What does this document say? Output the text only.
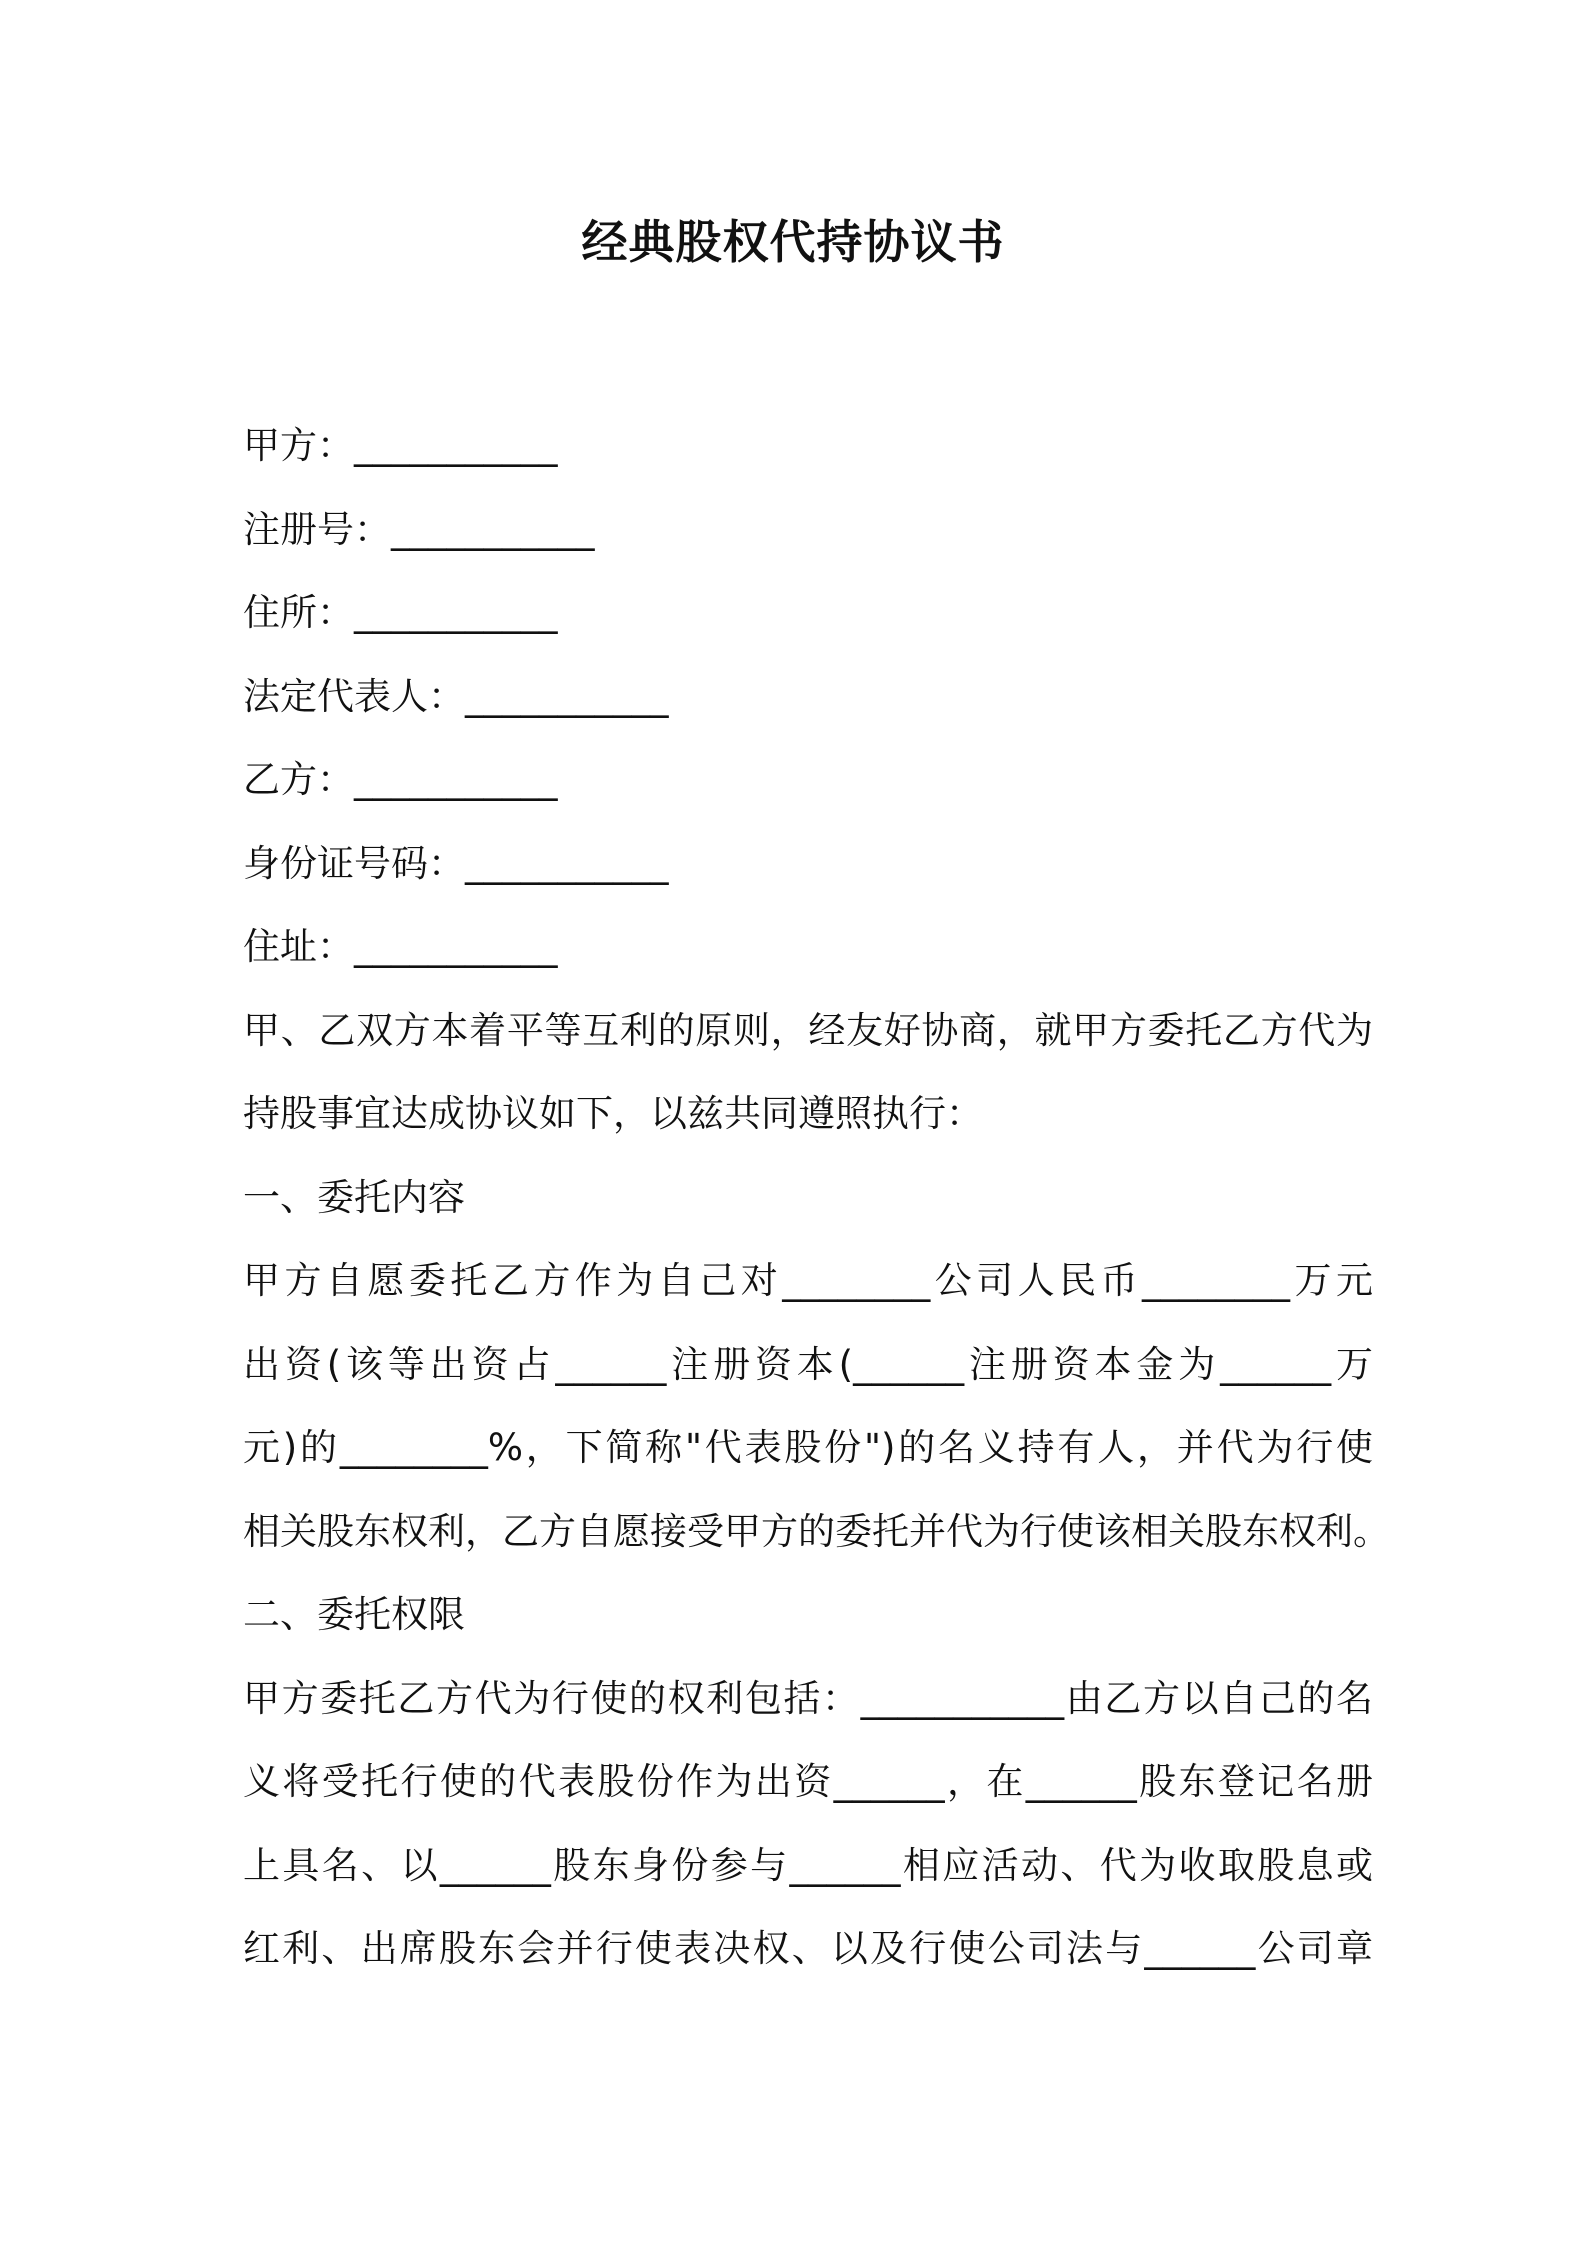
经典股权代持协议书
甲方：___________
注册号：___________
住所：___________
法定代表人：___________
乙方：___________
身份证号码：___________
住址：___________
甲、乙双方本着平等互利的原则，经友好协商，就甲方委托乙方代为
持股事宜达成协议如下，以兹共同遵照执行：
一、委托内容
甲方自愿委托乙方作为自己对________公司人民币________万元
出资(该等出资占______注册资本(______注册资本金为______万
元)的________%，下简称"代表股份")的名义持有人，并代为行使
相关股东权利，乙方自愿接受甲方的委托并代为行使该相关股东权利。
二、委托权限
甲方委托乙方代为行使的权利包括：___________由乙方以自己的名
义将受托行使的代表股份作为出资______，在______股东登记名册
上具名、以______股东身份参与______相应活动、代为收取股息或
红利、出席股东会并行使表决权、以及行使公司法与______公司章
